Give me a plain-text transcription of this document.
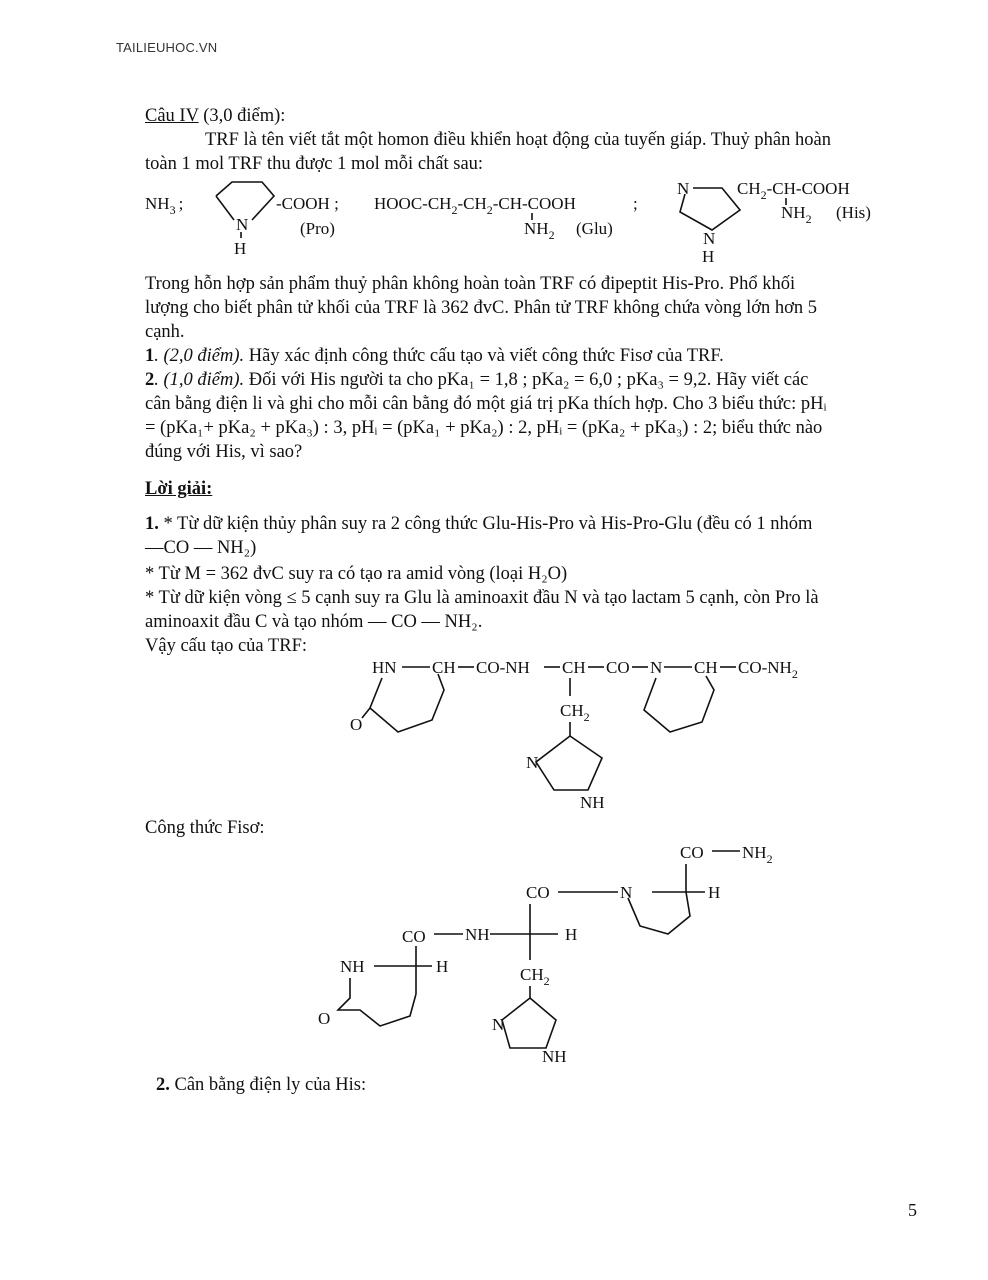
TAILIEUHOC.VN
Câu IV (3,0 điểm):
TRF là tên viết tắt một homon điều khiển hoạt động của tuyến giáp. Thuỷ phân hoàn
toàn 1 mol TRF thu được 1 mol mỗi chất sau:
$NH_3$ ;
N
H
-COOH ;
(Pro)
HOOC-$CH_2-CH_2-CH$-COOH
$NH_2$ (Glu)
;
N
N
H
$CH_2-CH$-COOH
$NH_2$ (His)
Trong hỗn hợp sản phẩm thuỷ phân không hoàn toàn TRF có đipeptit His-Pro. Phổ khối
lượng cho biết phân tử khối của TRF là 362 đvC. Phân tử TRF không chứa vòng lớn hơn 5
cạnh.
1. (2,0 điểm). Hãy xác định công thức cấu tạo và viết công thức Fisơ của TRF.
2. (1,0 điểm). Đối với His người ta cho pKa₁ = 1,8 ; pKa₂ = 6,0 ; pKa₃ = 9,2. Hãy viết các
cân bằng điện li và ghi cho mỗi cân bằng đó một giá trị pKa thích hợp. Cho 3 biểu thức: pHᵢ
= (pKa₁+ pKa₂ + pKa₃) : 3, pHᵢ = (pKa₁ + pKa₂) : 2, pHᵢ = (pKa₂ + pKa₃) : 2; biểu thức nào
đúng với His, vì sao?
Lời giải:
1. * Từ dữ kiện thủy phân suy ra 2 công thức Glu-His-Pro và His-Pro-Glu (đều có 1 nhóm
—CO — NH₂)
* Từ M = 362 đvC suy ra có tạo ra amid vòng (loại H₂O)
* Từ dữ kiện vòng ≤ 5 cạnh suy ra Glu là aminoaxit đầu N và tạo lactam 5 cạnh, còn Pro là
aminoaxit đầu C và tạo nhóm — CO — NH₂.
Vậy cấu tạo của TRF:
HN CH CO-NH CH CO N CH $CO-NH_2$
O
$CH_2$
N
NH
Công thức Fisơ:
CO $NH_2$
H
N
CO
NH	H
CO
NH	H
O
$CH_2$
N
NH
2. Cân bằng điện ly của His:
5
